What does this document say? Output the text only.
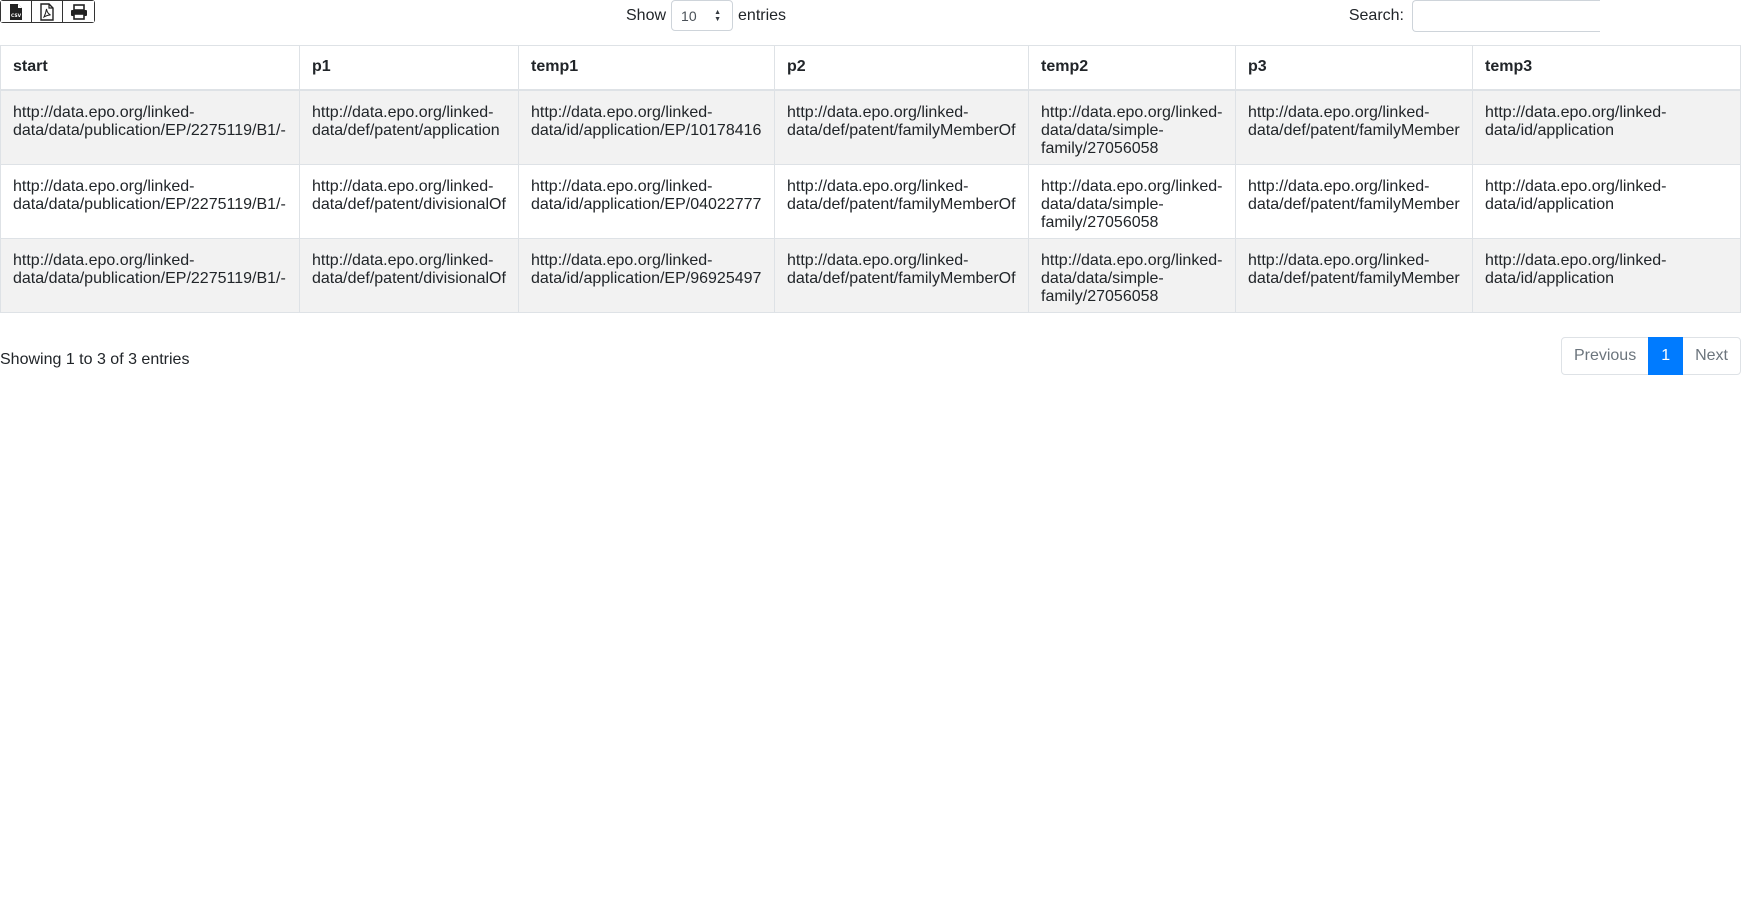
CSV	Show 10 ▲
▼ entries	Search:
start	p1	temp1	p2	temp2	p3	temp3
http://data.epo.org/linked-data/data/publication/EP/2275119/B1/-	http://data.epo.org/linked-data/def/patent/application	http://data.epo.org/linked-data/id/application/EP/10178416	http://data.epo.org/linked-data/def/patent/familyMemberOf	http://data.epo.org/linked-data/data/simple-family/27056058	http://data.epo.org/linked-data/def/patent/familyMember	http://data.epo.org/linked-data/id/application
http://data.epo.org/linked-data/data/publication/EP/2275119/B1/-	http://data.epo.org/linked-data/def/patent/divisionalOf	http://data.epo.org/linked-data/id/application/EP/04022777	http://data.epo.org/linked-data/def/patent/familyMemberOf	http://data.epo.org/linked-data/data/simple-family/27056058	http://data.epo.org/linked-data/def/patent/familyMember	http://data.epo.org/linked-data/id/application
http://data.epo.org/linked-data/data/publication/EP/2275119/B1/-	http://data.epo.org/linked-data/def/patent/divisionalOf	http://data.epo.org/linked-data/id/application/EP/96925497	http://data.epo.org/linked-data/def/patent/familyMemberOf	http://data.epo.org/linked-data/data/simple-family/27056058	http://data.epo.org/linked-data/def/patent/familyMember	http://data.epo.org/linked-data/id/application
Showing 1 to 3 of 3 entries	Previous	1	Next
